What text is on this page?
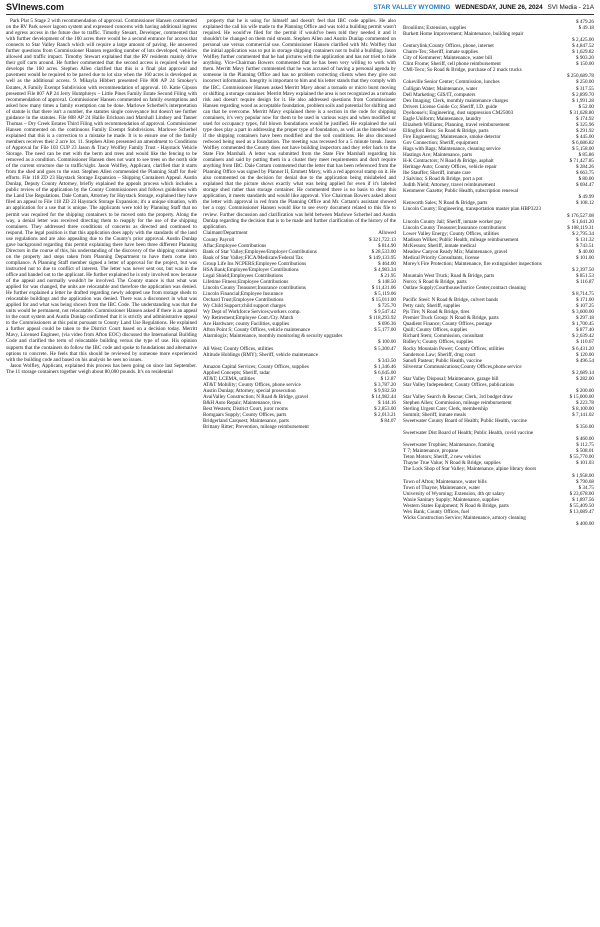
SVInews.com	STAR VALLEY WYOMING WEDNESDAY, JUNE 26, 2024 SVI Media - 21A

Park Plat 5 Stage 2 with recommendation of approval. Commissioner Hansen commented on the RV Park sewer lagoon system and expressed concerns with having additional ingress and egress access in the future due to traffic. Timothy Steuart, Developer, commented that with further development of the 160 acres there would be a second entrance for access that connects to Star Valley Ranch which will require a large amount of paving. He answered further questions from Commissioner Hansen regarding number of lots developed, vehicles allowed and traffic impact. Timothy Stewart explained that the RV residents mainly drive their golf carts around. He further commented that the second access is required when he develops the 160 acres. Stephen Allen clarified that this is a final plat approval and pavement would be required to be paved due to lot size when the 160 acres is developed as well as the additional access. 9. Mikayla Hibbert presented File 806 AP 24 Smokey's Estates, A Family Exempt Subdivision with recommendation of approval. 10. Katie Gipson presented File 807 AP 24 Jerry Humphreys – Little Pines Family Estate Second Filing with recommendation of approval. Commissioner Hansen commented on family exemptions and asked how many times a family exemption can be done. Marlowe Scherbel's interpretation of statute is that there isn't a number, the statutes single conveyance but doesn't see further guidance in the statutes. File 808 AP 24 Hailie Erickson and Marshall Lindsey and Tanner Thomas – Dry Creek Estates Third Filing with recommendation of approval. Commissioner Hansen commented on the continuous Family Exempt Subdivisions. Marlowe Scherbel explained that this is a correction to a mistake he made. It is to ensure one of the family members receives their 2 acre lot. 11. Stephen Allen presented an amendment to Conditions of Approval for File 103 CUP 23 Jason & Tracy Wolfley Family Trust - Haystack Vehicle Storage. The need can be met with the berm and trees and would like the fencing to be removed as a condition. Commissioner Hansen does not want to see trees on the north side of the current structure due to traffic/sight. Jason Wolfley, Applicant, clarified that it starts from the shed and goes to the east. Stephen Allen commended the Planning Staff for their efforts. File 118 ZD 23 Haystack Storage Expansion – Shipping Containers Appeal. Austin Dunlap, Deputy County Attorney, briefly explained the appeals process which includes a public review of the application by the County Commissioners and follows guidelines with the Land Use Regulations. Dale Cottam, Attorney for Haystack Storage, explained they have filed an appeal to File 118 ZD 23 Haystack Storage Expansion; it's a unique situation, with an application for a use that is unique. The applicants were told by Planning Staff that no permit was required for the shipping containers to be moved onto the property. Along the way, a denial letter was received directing them to reapply for the use of the shipping containers. They addressed three conditions of concerns as directed and continued to respond. The legal position is that this application does apply with the standards of the land use regulations and are also appealing due to the County's prior approval. Austin Dunlap gave background regarding this permit explaining there have been three different Planning Directors in the course of this, his understanding of the discovery of the shipping containers on the property and steps taken from Planning Department to have them come into compliance. A Planning Staff member signed a letter of approval for the project, but was instructed not to due to conflict of interest. The letter was never sent out, but was in the office and handed out to the applicant. He further explained he is only involved now because of the appeal and normally wouldn't be involved. The County stance is that what was applied for was changed, the units are relocatable and therefore the application was denied. He further explained a letter he drafted regarding newly adopted use from storage sheds to relocatable buildings and the application was denied. There was a disconnect in what was applied for and what was being shown from the IBC Code. The understanding was that the units would be permanent, not relocatable. Commissioner Hansen asked if there is an appeal in the court system and Austin Dunlap confirmed that it is strictly and administrative appeal to the Commissioners at this point pursuant to County Land Use Regulations. He explained a further appeal could be taken to the District Court based on a decision today. Merritt Mavy, Licensed Engineer, (via video from Afton EOC) discussed the International Building Code and clarified the term of relocatable building versus the type of use. His opinion supports that the containers do follow the IBC code and spoke to foundations and alternative options to concrete. He feels that this should be reviewed by someone more experienced with the building code and based on his analysis he sees no issues.

Jason Wolfley, Applicant, explained this process has been going on since last September. The 11 storage containers together weigh about 80,000 pounds. It's on residential

property that he is using for himself and doesn't feel that IBC code applies. He also explained the call his wife made to the Planning Office and was told a building permit wasn't required. He would've filed for the permit if would've been told they needed it and it shouldn't be changed on them mid stream. Stephen Allen and Austin Dunlap commented on personal use versus commercial use. Commissioner Hansen clarified with Mr. Wolfley that the initial application was to put in storage shipping containers not to build a building. Jason Wolfley further commented that he had pictures with the application and has not tried to hide anything. Vice-Chairman Bowers commented that he has been very willing to work with them. Merritt Mavy further commented that he was accused of having a personal agenda by someone in the Planning Office and has no problem correcting clients when they give out incorrect information. Integrity is important to him and his letter stands that they comply with the IBC. Commissioner Hansen asked Merritt Mavy about a tornado or micro burst moving or shifting a storage container. Merritt Mavy explained the area is not recognized as a tornado risk and doesn't require design for it. He also addressed questions from Commissioner Hansen regarding wood as acceptable foundation, problem soils and potential for shifting and can that be overcome. Merritt Mavy explained there is a section in the code for shipping containers, it's very popular now for them to be used in various ways and when modified or used for occupancy types, full blown foundations would be justified. He explained the soil type does play a part in addressing the proper type of foundation, as well as the intended use if the shipping containers have been modified and the soil conditions. He also discussed redwood being used as a foundation. The meeting was recessed for a 5 minute break. Jason Wolfley commented the County does not have building inspectors and they refer back to the State Fire Marshall. A letter was submitted from the State Fire Marshall regarding his containers and said by putting them in a cluster they meet requirements and don't require anything from IBC. Dale Cottam commented that the letter that has been referenced from the Planning Office was signed by Planner II, Emmett Mavy, with a red approval stamp on it. He also commented on the decision for denial due to the application being mislabeled and explained that the picture shows exactly what was being applied for even if it's labeled storage shed rather than storage container. He commented there is no basis to deny this application, it meets standards and would like approval. Vice Chairman Bowers asked about the letter with approval in red from the Planning Office and Mr. Cottam's assistant showed her a copy. Commissioner Hansen would like to see every document related to this file to review. Further discussion and clarification was held between Marlowe Scherbel and Austin Dunlap regarding the decision that is to be made and further clarification of the history of the application.

Claimant/Department	Allowed
County Payroll	$ 321,722.13
Aflac;Employee Contributions	$ 814.90
Bank of Star Valley;Employee/Employer Contributions	$ 28,533.00
Bank of Star Valley;FICA/Medicare/Federal Tax	$ 149,133.95
Group Life Ins NCPERS;Employee Contributions	$ 464.00
HSA Bank;Employee/Employer Contributions	$ 4,983.34
Legal Shield;Employees Contributions	$ 21.95
Lifetime Fitness;Employee Contributions	$ 148.50
Lincoln County Treasurer;Insurance contributions	$ 11,431.06
Lincoln Financial;Employee Insurance	$ 5,119.06
Orchard Trust;Employee Contributions	$ 15,011.00
Wy Child Support;child support charges	$ 725.70
Wy Dept of Workforce Services;workers comp.	$ 9,547.42
Wy Retirement;Employee Cont./Cty. Match	$ 118,293.92
Ace Hardware; county Facilities, supplies	$ 696.36
Afton Point S; County Offices, vehicle maintenance	$ 5,177.00
Alarmlogix; Maintenance, monthly monitoring & security upgrades
$ 100.00
All West; County Offices, utilities	$ 5,300.47
Altitude Holdings (RMY); Sheriff, vehicle maintenance
$ 343.50
Amazon Capital Services; County Offices, supplies	$ 1,346.46
Applied Concepts; Sheriff, radar	$ 6,645.00
AT&T; LCEMA, utilities	$ 12.87
AT&T Mobility; County Offices, phone service	$ 3,787.20
Austin Dunlap; Attorney, special prosecution	$ 9,932.50
AvaiValley Construction; N Road & Bridge, gravel	$ 14,982.44
B&H Auto Repair; Maintenance, tires	$ 144.16
Best Western; District Court, juror rooms	$ 2,853.00
Bomgaars Supply; County Offices, parts	$ 2,013.21
Bridgerland Carquest; Maintenance, parts	$ 84.07
Brittany Ritter; Prevention, mileage reimbursement
$ 479.26
Brouliims; Extension, supplies	$ 49.18
Burkett Home Improvement; Maintenance, building repair
$ 2,425.00
Centurylink;County Offices, phone, internet	$ 4,847.52
Charm-Tex; Sheriff, inmate supplies	$ 1,629.82
City of Kemmerer; Maintenance, water bill	$ 903.20
Clint Frome; Sheriff, cell phone reimbursement	$ 150.00
CMI-Teco; So Road & Bridge, purchase of 2 mack trucks
$ 250,689.78
Cokeville Senior Center; Commission, lunches	$ 250.00
Culligan Water; Maintenance, water	$ 317.55
Dell Marketing; GIS/IT, computers	$ 2,899.70
Dex Imaging; Clerk, monthly maintenance charges	$ 1,991.28
Drivers License Guide Co; Sheriff, I.D. guide	$ 52.00
Dyehouse's; Engineering, dust suppression CM25003	$ 31,628.80
Eagle Uniform; Maintenance, laundry	$ 174.92
Elizabeth Williams; Planning, travel reimbursement	$ 325.96
Ellingford Bros: So Road & Bridge, parts	$ 291.92
Fire Engineering; Maintenance, smoke detector	$ 445.00
Gov Connection; Sheriff, equipment	$ 6,686.82
Hags with Bags; Maintenance, cleaning service	$ 5,158.00
Hastings Ace; Maintenance, parts	$ 85.86
H-K Contractors; N Road & Bridge, asphalt	$ 71,427.85
Heritage Auto; County Offices, vehicle repair	$ 284.26
Ibe Stauffer; Sheriff, inmate care	$ 663.75
J Salvino; S Road & Bridge, port a pot	$ 80.00
Judith Nield; Attorney, travel reimbursement	$ 694.47
Kemmerer Gazette; Public Health, subscription renewal
$ 49.99
Kenworth Sales; N Road & Bridge, parts	$ 108.12
Lincoln County; Engineering, transportation master plan HBP3223
$ 176,527.08
Lincoln County Jail; Sheriff, inmate worker pay	$ 1,641.20
Lincoln County Treasurer;Insurance contributions	$ 108,119.31
Lower Valley Energy; County Offices, utilities	$ 2,795.34
Madison Wilkes; Public Health, mileage reimbursement	$ 131.32
McKesson; Sheriff, inmate medical	$ 743.51
Meadow Canyon Ready Mix; Maintenance, gravel	$ 40.00
Medical Priority Consultants, license	$ 101.00
Morey's Fire Protection; Maintenance, fire extinguisher inspections
$ 2,397.50
Mountain West Truck; Road & Bridge, parts	$ 851.53
Norco; S Road & Bridge, parts	$ 116.87
Outlaw Supply;Courthouse/Justice Center,contract cleaning
$ 8,714.75
Pacific Steel: N Road & Bridge, culvert bands	$ 171.00
Petty cash; Sheriff, supplies	$ 107.25
Pjs Tire; N Road & Bridge, tires	$ 3,600.00
Premier Truck Group: N Road & Bridge, parts	$ 297.18
Quadient Finance; County Offices, postage	$ 1,700.45
Quill; County Offices, supplies	$ 877.40
Richard Stem; Commission, consultant	$ 2,639.42
Ridley's; County Offices, supplies	$ 110.67
Rocky Mountain Power; County Offices, utilities	$ 6,431.20
Sanderson Law; Sheriff, drug court	$ 120.00
Sanofi Pasteur; Public Health, vaccine	$ 496.54
Silverstar Communications;County Offices,phone service
$ 2,689.14
Star Valley Disposal; Maintenance, garage bill	$ 282.00
Star Valley Independent; County Offices, publications
$ 200.00
Star Valley Search & Rescue; Clerk, 3rd budget draw	$ 15,000.00
Stephen Allen; Commission, mileage reimbursement	$ 223.78
Sterling Urgent Care; Clerk, membership	$ 8,100.00
Summit; Sheriff, inmate meals	$ 7,141.02
Sweetwater County Board of Health; Public Health, vaccine
$ 356.00
Sweetwater Dist Board of Health; Public Health, covid vaccine
$ 460.00
Sweetwater Trophies; Maintenance, framing	$ 112.75
T 7; Maintenance, propane	$ 508.01
Teton Motors; Sheriff, 2 new vehicles	$ 55,770.00
Thayne True Value; N Road & Bridge, supplies	$ 101.03
The Lock Shop of Star Valley; Maintenance, alpine library doors
$ 1,958.00
Town of Afton; Maintenance, water bills	$ 790.68
Town of Thayne; Maintenance, water	$ 34.75
University of Wyoming; Extension, 4th qtr salary	$ 23,678.00
Waxie Sanitary Supply; Maintenance, supplies	$ 1,897.56
Western States Equipment; N Road & Bridge, parts	$ 55,409.50
Wex Bank; County Offices, fuel	$ 13,089.47
Wicks Construction Service; Maintenance, armory cleaning
$ 400.00
